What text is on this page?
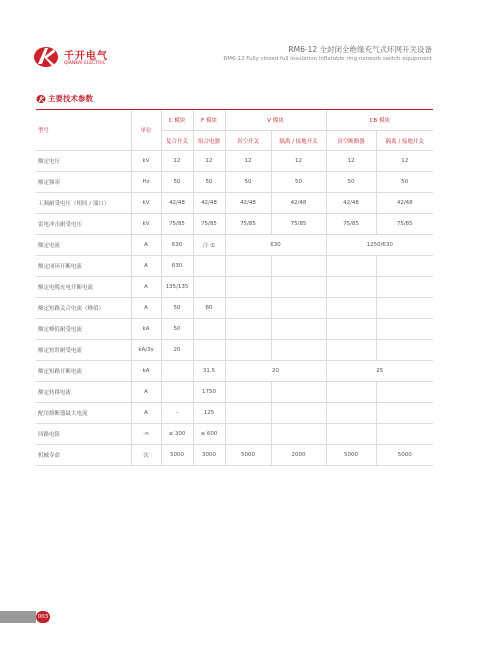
千开电气
QIANKAI ELECTRIC
RM6-12 全封闭全绝缘充气式环网开关设备
RM6-12 Fully closed full insulation inflatable ring network switch equipment
主要技术参数
型号	单位	C 模块	F 模块	V 模块		CB 模块	
		复合开关	组合电器	真空开关	隔离 / 接地开关	真空断路器	隔离 / 接地开关
额定电压	kV	12	12	12	12	12	12
额定频率	Hz	50	50	50	50	50	50
工频耐受电压（相间 / 端口）	kV	42/48	42/48	42/48	42/48	42/48	42/48
雷电冲击耐受电压	kV	75/85	75/85	75/85	75/85	75/85	75/85
额定电流	A	630	注 ①	630		1250/630	
额定闭环开断电流	A	630					
额定电缆充电开断电流	A	135/135					
额定短路关合电流（峰值）	A	50	80				
额定峰值耐受电流	kA	50					
额定短时耐受电流	kA/3s	20					
额定短路开断电流	kA		31.5	20		25	
额定转移电流	A		1750				
配用熔断器最大电流	A	-	125				
回路电阻	-n	≤ 300	≤ 600				
机械寿命	次	5000	3000	5000	2000	5000	5000
003
